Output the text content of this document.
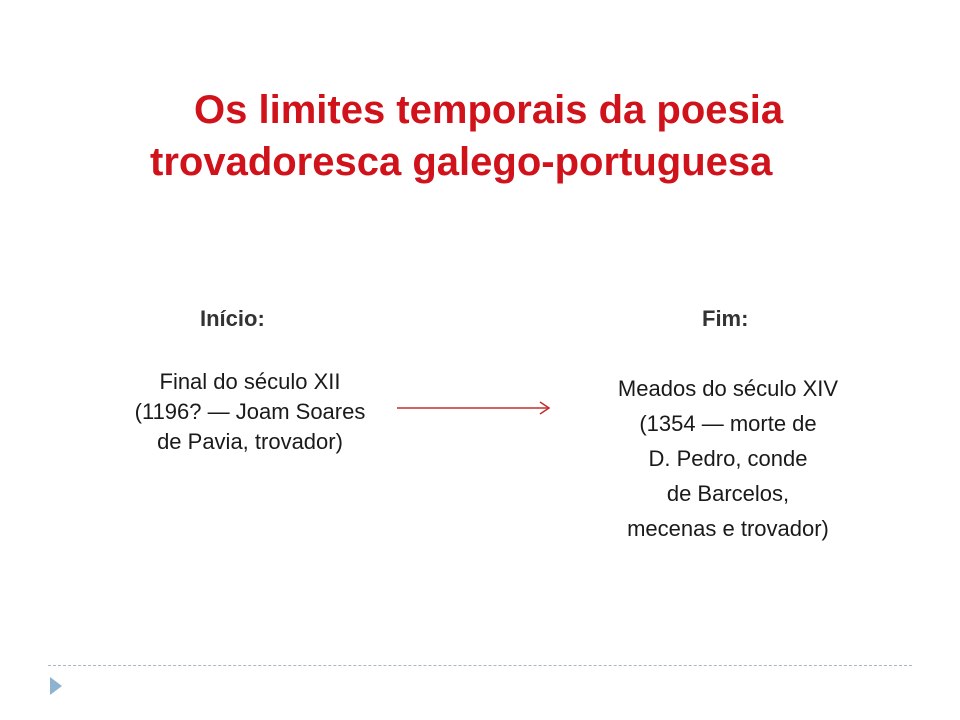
Os limites temporais da poesia
trovadoresca galego-portuguesa
Início:
Final do século XII
(1196? — Joam Soares
de Pavia, trovador)
Fim:
Meados do século XIV
(1354 — morte de
D. Pedro, conde
de Barcelos,
mecenas e trovador)
